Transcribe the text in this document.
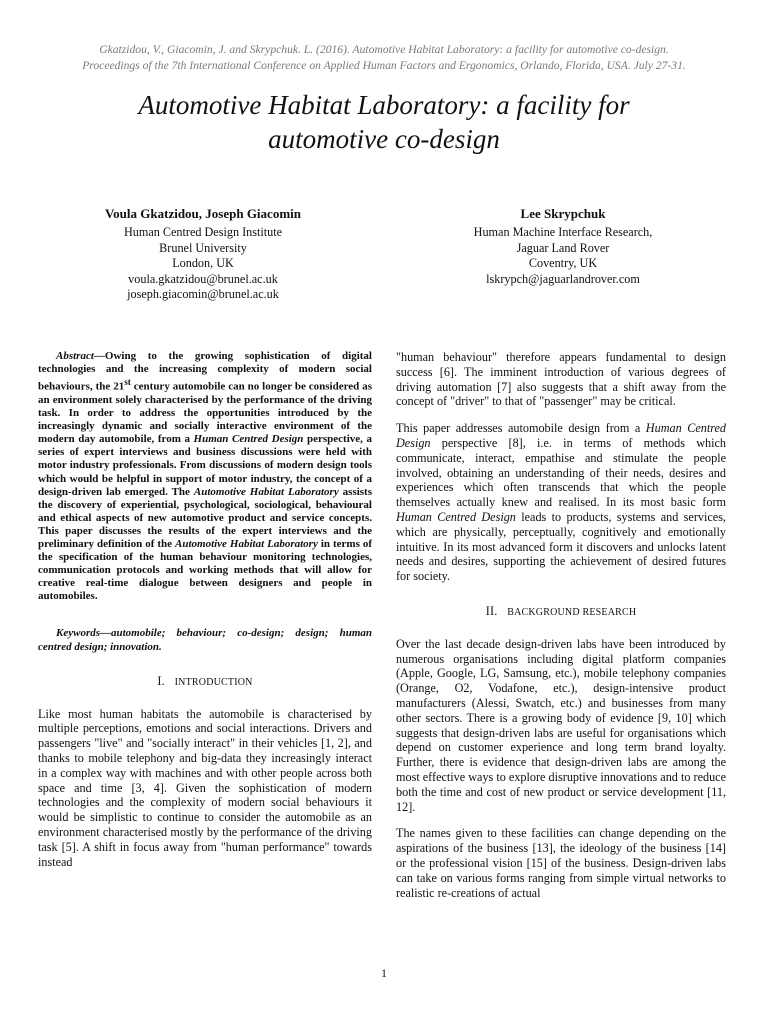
Gkatzidou, V., Giacomin, J. and Skrypchuk. L. (2016). Automotive Habitat Laboratory: a facility for automotive co-design.
Proceedings of the 7th International Conference on Applied Human Factors and Ergonomics, Orlando, Florida, USA. July 27-31.
Automotive Habitat Laboratory: a facility for
automotive co-design
Voula Gkatzidou, Joseph Giacomin
Human Centred Design Institute
Brunel University
London, UK
voula.gkatzidou@brunel.ac.uk
joseph.giacomin@brunel.ac.uk
Lee Skrypchuk
Human Machine Interface Research,
Jaguar Land Rover
Coventry, UK
lskrypch@jaguarlandrover.com
Abstract—Owing to the growing sophistication of digital technologies and the increasing complexity of modern social behaviours, the 21st century automobile can no longer be considered as an environment solely characterised by the performance of the driving task. In order to address the opportunities introduced by the increasingly dynamic and socially interactive environment of the modern day automobile, from a Human Centred Design perspective, a series of expert interviews and business discussions were held with motor industry professionals. From discussions of modern design tools which would be helpful in support of motor industry, the concept of a design-driven lab emerged. The Automotive Habitat Laboratory assists the discovery of experiential, psychological, sociological, behavioural and ethical aspects of new automotive product and service concepts. This paper discusses the results of the expert interviews and the preliminary definition of the Automotive Habitat Laboratory in terms of the specification of the human behaviour monitoring technologies, communication protocols and working methods that will allow for creative real-time dialogue between designers and people in automobiles.
Keywords—automobile; behaviour; co-design; design; human centred design; innovation.
I. INTRODUCTION

Like most human habitats the automobile is characterised by multiple perceptions, emotions and social interactions. Drivers and passengers "live" and "socially interact" in their vehicles [1, 2], and thanks to mobile telephony and big-data they increasingly interact in a complex way with machines and with other people across both space and time [3, 4]. Given the sophistication of modern technologies and the complexity of modern social behaviours it would be simplistic to continue to consider the automobile as an environment characterised mostly by the performance of the driving task [5]. A shift in focus away from "human performance" towards instead

"human behaviour" therefore appears fundamental to design success [6]. The imminent introduction of various degrees of driving automation [7] also suggests that a shift away from the concept of "driver" to that of "passenger" may be critical.

This paper addresses automobile design from a Human Centred Design perspective [8], i.e. in terms of methods which communicate, interact, empathise and stimulate the people involved, obtaining an understanding of their needs, desires and experiences which often transcends that which the people themselves actually knew and realised. In its most basic form Human Centred Design leads to products, systems and services, which are physically, perceptually, cognitively and emotionally intuitive. In its most advanced form it discovers and unlocks latent needs and desires, supporting the achievement of desired futures for society.

II. BACKGROUND RESEARCH

Over the last decade design-driven labs have been introduced by numerous organisations including digital platform companies (Apple, Google, LG, Samsung, etc.), mobile telephony companies (Orange, O2, Vodafone, etc.), design-intensive product manufacturers (Alessi, Swatch, etc.) and businesses from many other sectors. There is a growing body of evidence [9, 10] which suggests that design-driven labs are useful for organisations which depend on customer experience and long term brand loyalty. Further, there is evidence that design-driven labs are among the most effective ways to explore disruptive innovations and to reduce both the time and cost of new product or service development [11, 12].

The names given to these facilities can change depending on the aspirations of the business [13], the ideology of the business [14] or the professional vision [15] of the business. Design-driven labs can take on various forms ranging from simple virtual networks to realistic re-creations of actual

1
